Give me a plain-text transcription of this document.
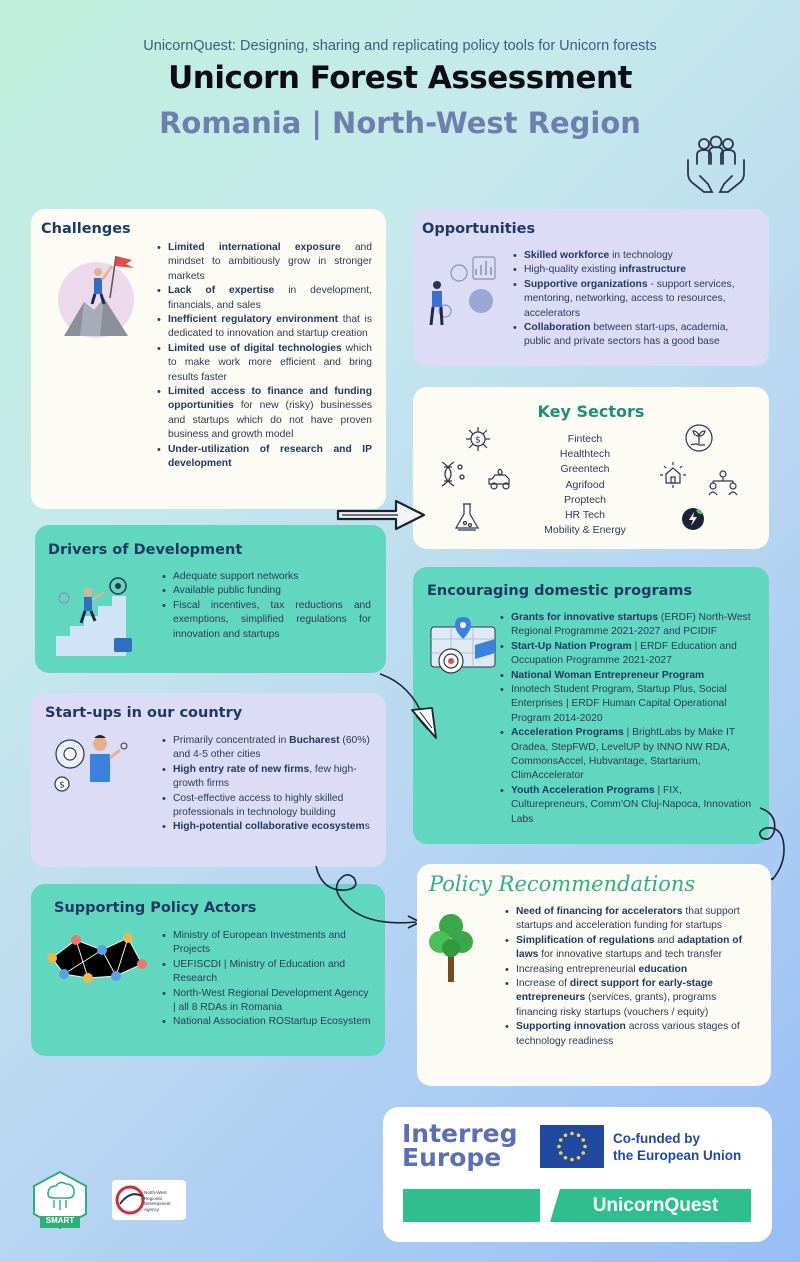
UnicornQuest: Designing, sharing and replicating policy tools for Unicorn forests
Unicorn Forest Assessment
Romania | North-West Region
Challenges
• Limited international exposure and mindset to ambitiously grow in stronger markets
• Lack of expertise in development, financials, and sales
• Inefficient regulatory environment that is dedicated to innovation and startup creation
• Limited use of digital technologies which to make work more efficient and bring results faster
• Limited access to finance and funding opportunities for new (risky) businesses and startups which do not have proven business and growth model
• Under-utilization of research and IP development
Opportunities
• Skilled workforce in technology
• High-quality existing infrastructure
• Supportive organizations - support services, mentoring, networking, access to resources, accelerators
• Collaboration between start-ups, academia, public and private sectors has a good base
Key Sectors
Fintech
Healthtech
Greentech
Agrifood
Proptech
HR Tech
Mobility & Energy
$
Drivers of Development
• Adequate support networks
• Available public funding
• Fiscal incentives, tax reductions and exemptions, simplified regulations for innovation and startups
Encouraging domestic programs
• Grants for innovative startups (ERDF) North-West Regional Programme 2021-2027 and PCIDIF
• Start-Up Nation Program | ERDF Education and Occupation Programme 2021-2027
• National Woman Entrepreneur Program
• Innotech Student Program, Startup Plus, Social Enterprises | ERDF Human Capital Operational Program 2014-2020
• Acceleration Programs | BrightLabs by Make IT Oradea, StepFWD, LevelUP by INNO NW RDA, CommonsAccel, Hubvantage, Startarium, ClimAccelerator
• Youth Acceleration Programs | FIX, Culturepreneurs, Comm'ON Cluj-Napoca, Innovation Labs
Start-ups in our country
$
• Primarily concentrated in Bucharest (60%) and 4-5 other cities
• High entry rate of new firms, few high-growth firms
• Cost-effective access to highly skilled professionals in technology building
• High-potential collaborative ecosystems
Supporting Policy Actors
• Ministry of European Investments and Projects
• UEFISCDI | Ministry of Education and Research
• North-West Regional Development Agency | all 8 RDAs in Romania
• National Association ROStartup Ecosystem
Policy Recommendations
• Need of financing for accelerators that support startups and acceleration funding for startups
• Simplification of regulations and adaptation of laws for innovative startups and tech transfer
• Increasing entrepreneurial education
• Increase of direct support for early-stage entrepreneurs (services, grants), programs financing risky startups (vouchers / equity)
• Supporting innovation across various stages of technology readiness
Interreg
Europe
Co-funded by
the European Union
UnicornQuest
SMART
North-West Regional Development Agency
